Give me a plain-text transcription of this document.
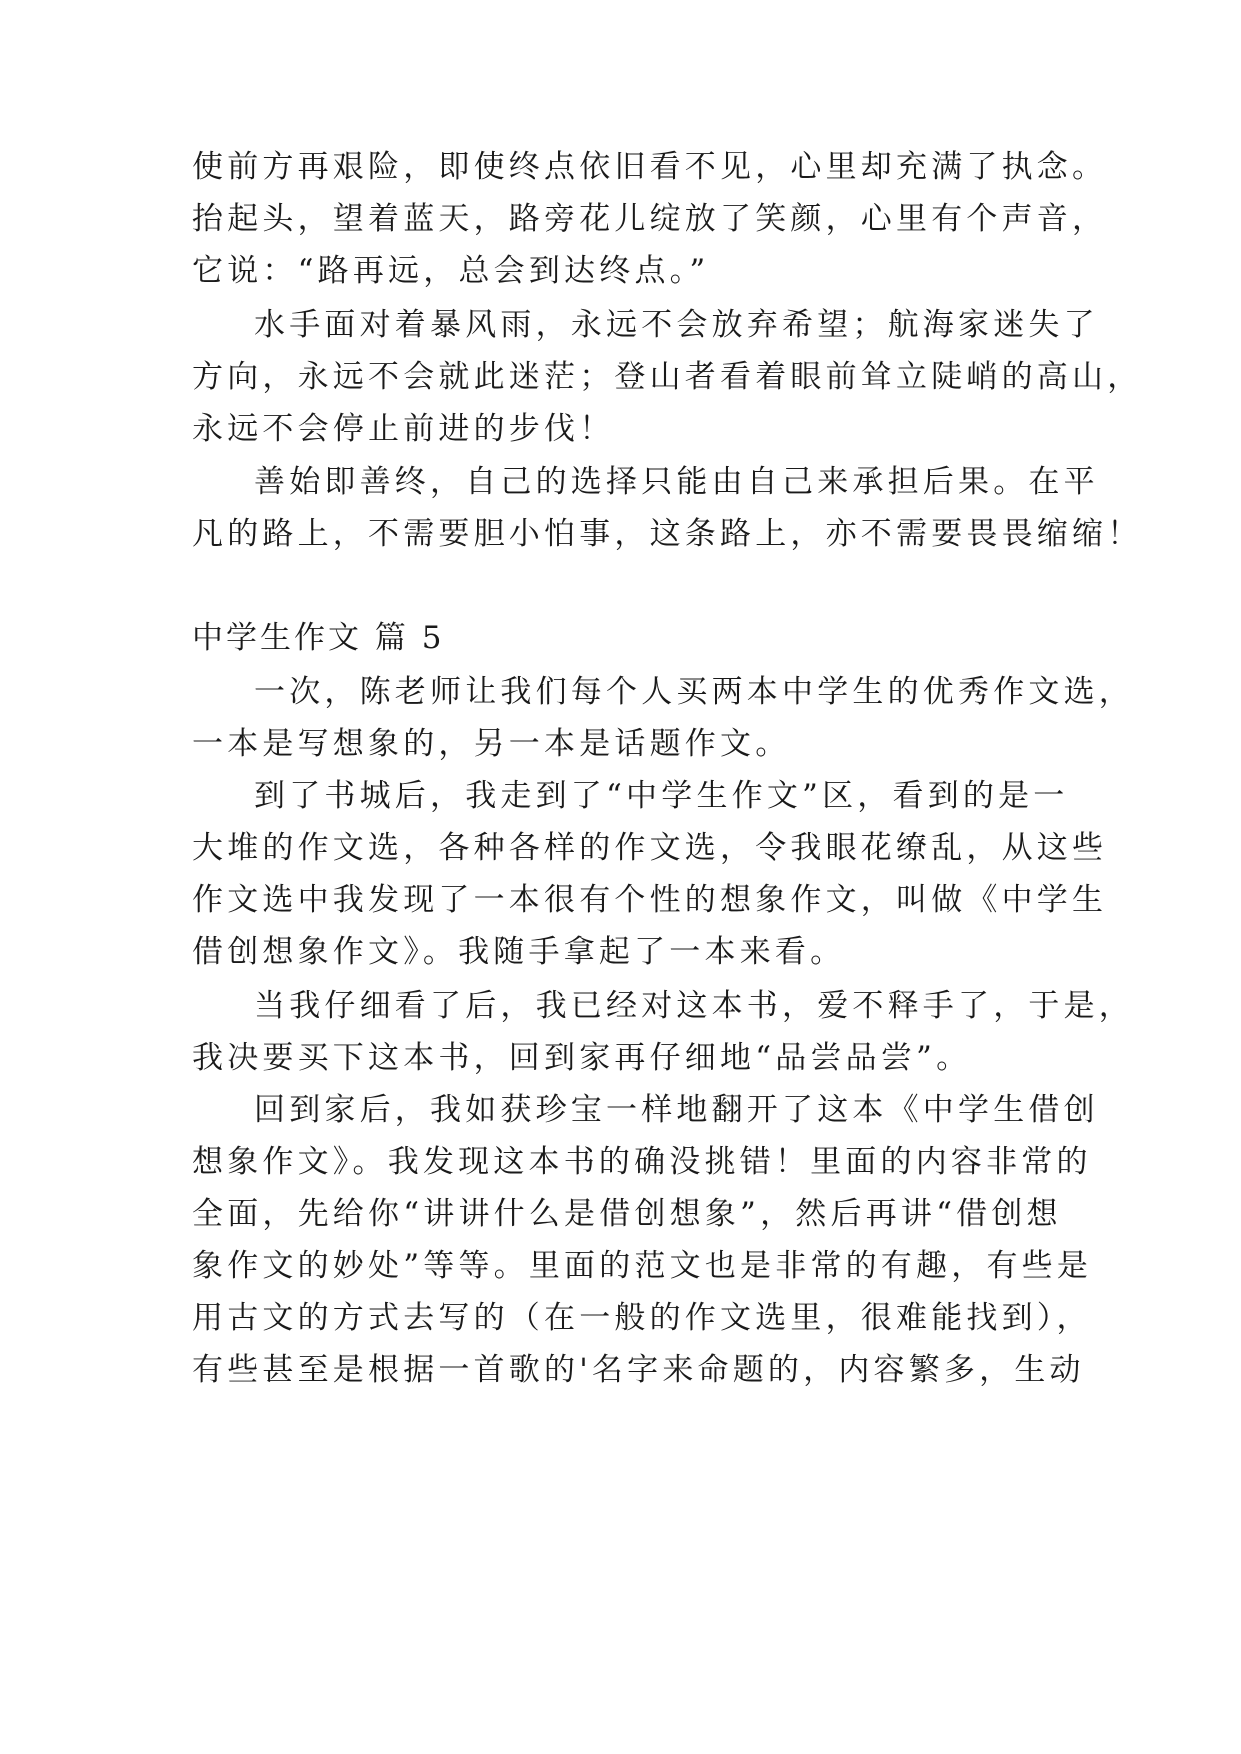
使前方再艰险，即使终点依旧看不见，心里却充满了执念。
抬起头，望着蓝天，路旁花儿绽放了笑颜，心里有个声音，
它说：“路再远，总会到达终点。”
水手面对着暴风雨，永远不会放弃希望；航海家迷失了
方向，永远不会就此迷茫；登山者看着眼前耸立陡峭的高山，
永远不会停止前进的步伐！
善始即善终，自己的选择只能由自己来承担后果。在平
凡的路上，不需要胆小怕事，这条路上，亦不需要畏畏缩缩！
中学生作文 篇 5
一次，陈老师让我们每个人买两本中学生的优秀作文选，
一本是写想象的，另一本是话题作文。
到了书城后，我走到了“中学生作文”区，看到的是一
大堆的作文选，各种各样的作文选，令我眼花缭乱，从这些
作文选中我发现了一本很有个性的想象作文，叫做《中学生
借创想象作文》。我随手拿起了一本来看。
当我仔细看了后，我已经对这本书，爱不释手了，于是，
我决要买下这本书，回到家再仔细地“品尝品尝”。
回到家后，我如获珍宝一样地翻开了这本《中学生借创
想象作文》。我发现这本书的确没挑错！里面的内容非常的
全面，先给你“讲讲什么是借创想象”，然后再讲“借创想
象作文的妙处”等等。里面的范文也是非常的有趣，有些是
用古文的方式去写的（在一般的作文选里，很难能找到），
有些甚至是根据一首歌的'名字来命题的，内容繁多，生动
